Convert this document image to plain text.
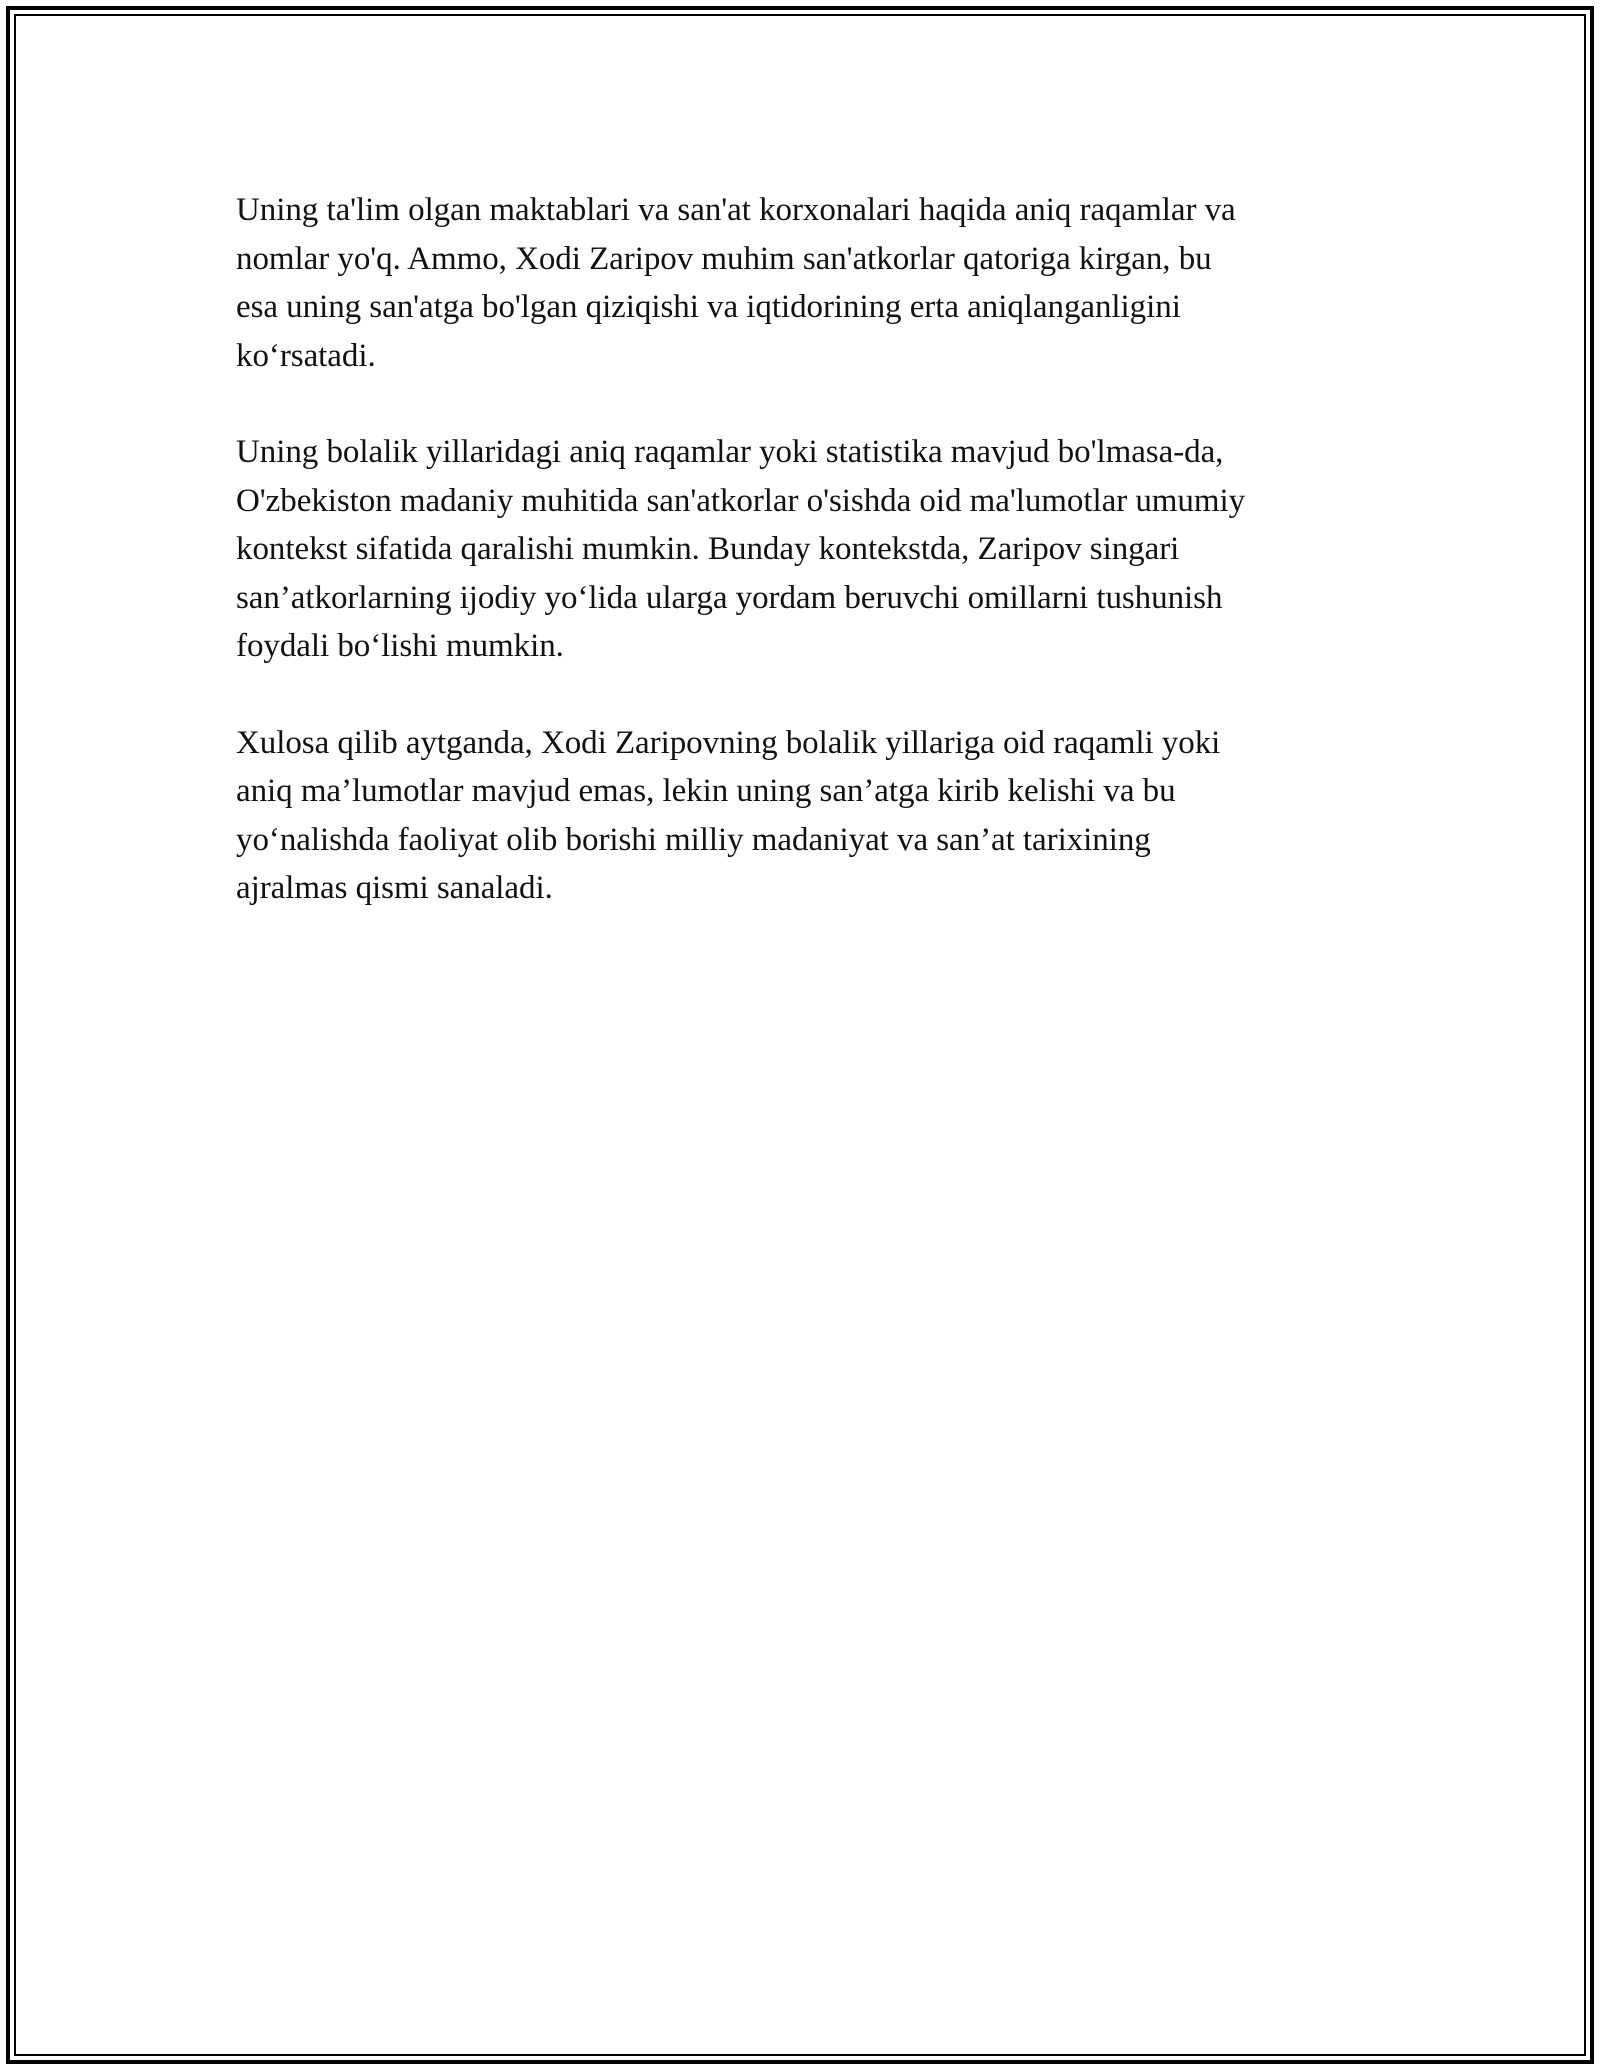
Uning ta'lim olgan maktablari va san'at korxonalari haqida aniq raqamlar va
nomlar yo'q. Ammo, Xodi Zaripov muhim san'atkorlar qatoriga kirgan, bu
esa uning san'atga bo'lgan qiziqishi va iqtidorining erta aniqlanganligini
ko‘rsatadi.

Uning bolalik yillaridagi aniq raqamlar yoki statistika mavjud bo'lmasa-da,
O'zbekiston madaniy muhitida san'atkorlar o'sishda oid ma'lumotlar umumiy
kontekst sifatida qaralishi mumkin. Bunday kontekstda, Zaripov singari
san’atkorlarning ijodiy yo‘lida ularga yordam beruvchi omillarni tushunish
foydali bo‘lishi mumkin.

Xulosa qilib aytganda, Xodi Zaripovning bolalik yillariga oid raqamli yoki
aniq ma’lumotlar mavjud emas, lekin uning san’atga kirib kelishi va bu
yo‘nalishda faoliyat olib borishi milliy madaniyat va san’at tarixining
ajralmas qismi sanaladi.
